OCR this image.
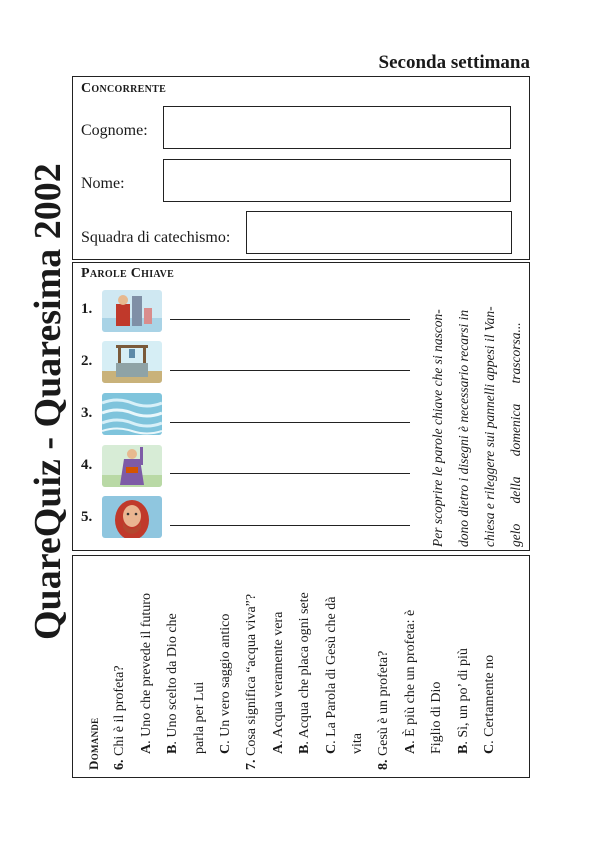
Seconda settimana
QuareQuiz - Quaresima 2002
Concorrente
Cognome:
Nome:
Squadra di catechismo:
Parole Chiave
1.
2.
3.
4.
5.	Per scoprire le parole chiave che si nascon- dono dietro i disegni è necessario recarsi in chiesa e rileggere sui pannelli appesi il Van- gelo      della      domenica      trascorsa...
Domande 6. Chi è il profeta? A. Uno che prevede il futuro
B. Uno scelto da Dio che parla per Lui C. Un vero saggio antico
7. Cosa significa “acqua viva”? A. Acqua veramente vera
B. Acqua che placa ogni sete
C. La Parola di Gesù che dà
vita
8. Gesù è un profeta? A. È più che un profeta: è Figlio di Dio B. Sì, un po’ di più
C. Certamente no
